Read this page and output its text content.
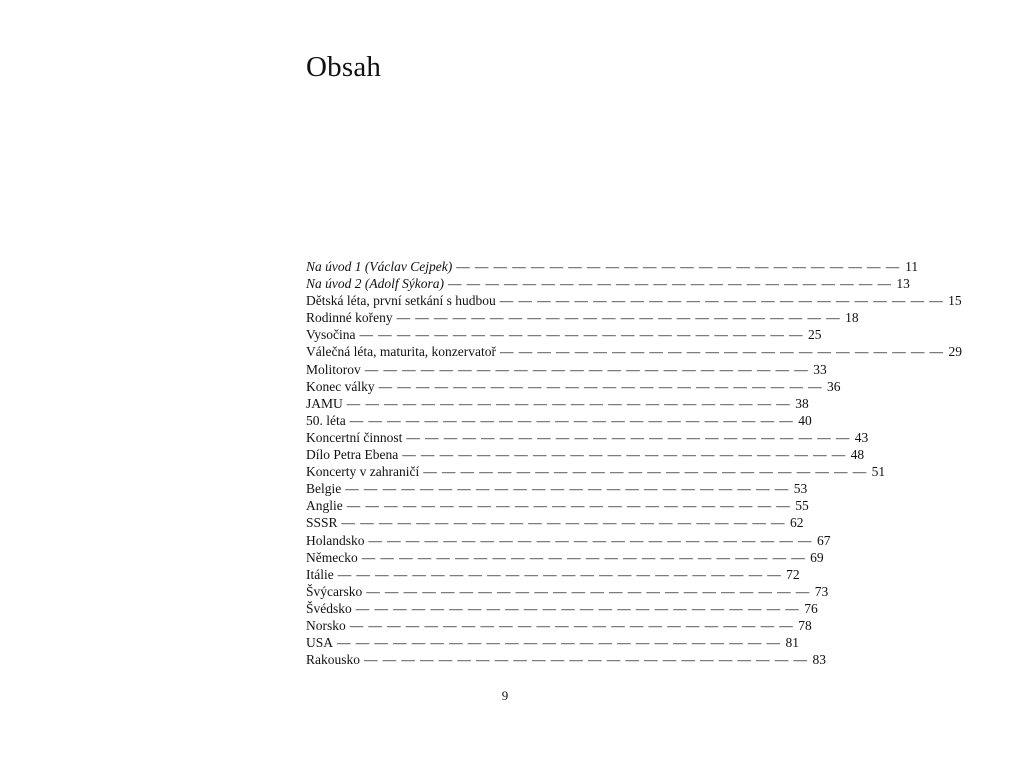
Obsah
Na úvod 1 (Václav Cejpek) — — — — — — — — — — — — — — — — — — — — — — — — 11
Na úvod 2 (Adolf Sýkora) — — — — — — — — — — — — — — — — — — — — — — — — 13
Dětská léta, první setkání s hudbou — — — — — — — — — — — — — — — — — — — — — — — — 15
Rodinné kořeny — — — — — — — — — — — — — — — — — — — — — — — — 18
Vysočina — — — — — — — — — — — — — — — — — — — — — — — — 25
Válečná léta, maturita, konzervatoř — — — — — — — — — — — — — — — — — — — — — — — — 29
Molitorov — — — — — — — — — — — — — — — — — — — — — — — — 33
Konec války — — — — — — — — — — — — — — — — — — — — — — — — 36
JAMU — — — — — — — — — — — — — — — — — — — — — — — — 38
50. léta — — — — — — — — — — — — — — — — — — — — — — — — 40
Koncertní činnost — — — — — — — — — — — — — — — — — — — — — — — — 43
Dílo Petra Ebena — — — — — — — — — — — — — — — — — — — — — — — — 48
Koncerty v zahraničí — — — — — — — — — — — — — — — — — — — — — — — — 51
Belgie — — — — — — — — — — — — — — — — — — — — — — — — 53
Anglie — — — — — — — — — — — — — — — — — — — — — — — — 55
SSSR — — — — — — — — — — — — — — — — — — — — — — — — 62
Holandsko — — — — — — — — — — — — — — — — — — — — — — — — 67
Německo — — — — — — — — — — — — — — — — — — — — — — — — 69
Itálie — — — — — — — — — — — — — — — — — — — — — — — — 72
Švýcarsko — — — — — — — — — — — — — — — — — — — — — — — — 73
Švédsko — — — — — — — — — — — — — — — — — — — — — — — — 76
Norsko — — — — — — — — — — — — — — — — — — — — — — — — 78
USA — — — — — — — — — — — — — — — — — — — — — — — — 81
Rakousko — — — — — — — — — — — — — — — — — — — — — — — — 83
9
